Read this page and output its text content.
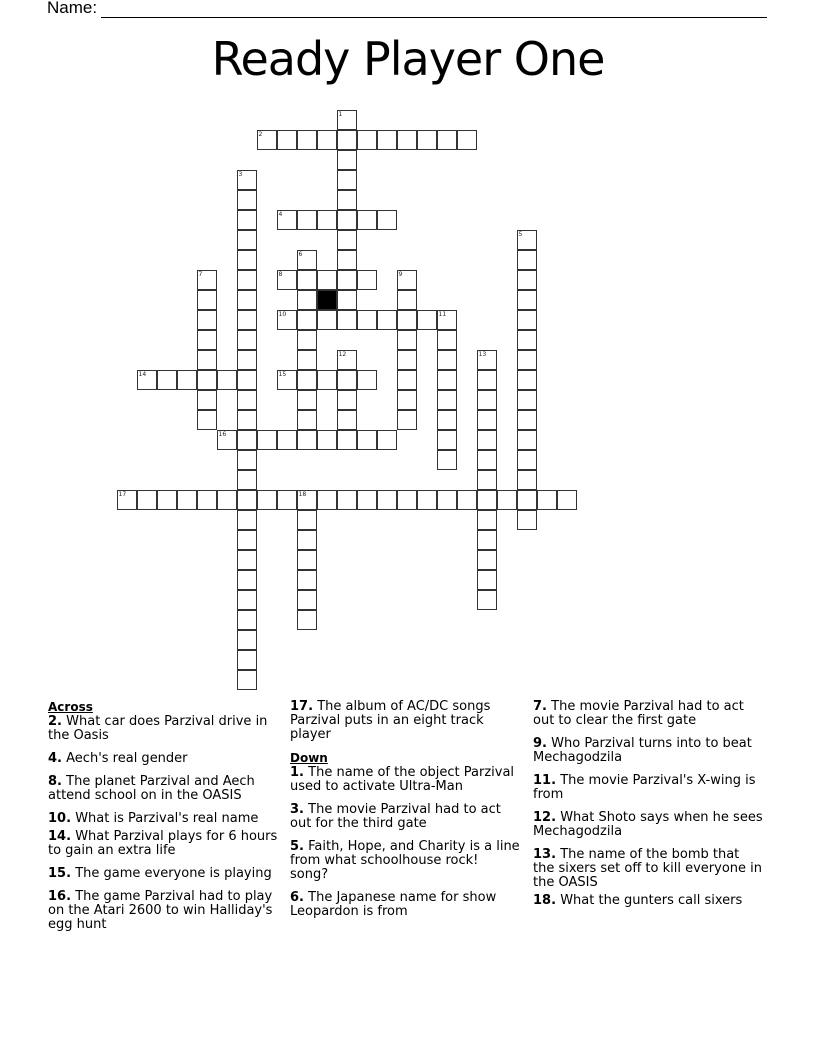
Name:
Ready Player One
1
2
3
4
5
6
7	8	9
10	11
12	13
14	15
16
17	18
Across
2. What car does Parzival drive in the Oasis
4. Aech's real gender
8. The planet Parzival and Aech attend school on in the OASIS
10. What is Parzival's real name
14. What Parzival plays for 6 hours to gain an extra life
15. The game everyone is playing
16. The game Parzival had to play on the Atari 2600 to win Halliday's egg hunt
17. The album of AC/DC songs Parzival puts in an eight track player
Down
1. The name of the object Parzival used to activate Ultra-Man
3. The movie Parzival had to act out for the third gate
5. Faith, Hope, and Charity is a line from what schoolhouse rock! song?
6. The Japanese name for show Leopardon is from
7. The movie Parzival had to act out to clear the first gate
9. Who Parzival turns into to beat Mechagodzila
11. The movie Parzival's X-wing is from
12. What Shoto says when he sees Mechagodzila
13. The name of the bomb that the sixers set off to kill everyone in the OASIS
18. What the gunters call sixers
